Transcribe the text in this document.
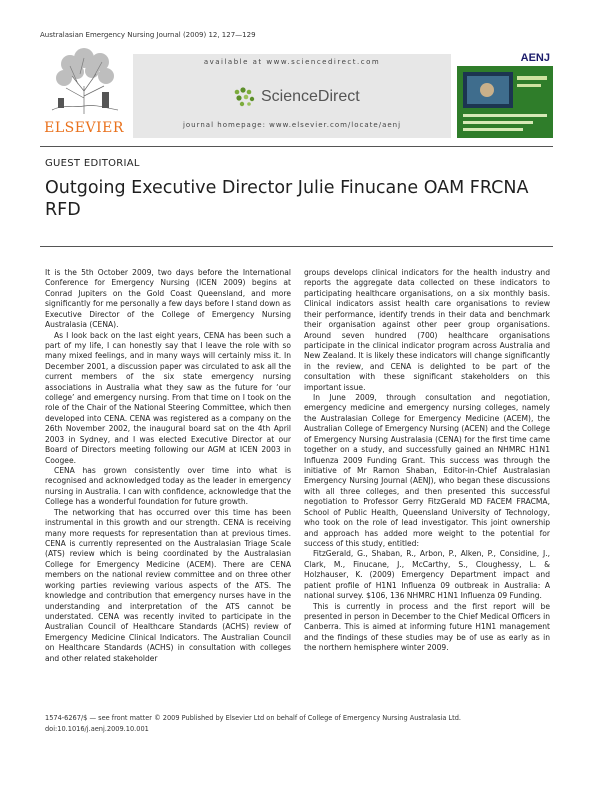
Australasian Emergency Nursing Journal (2009) 12, 127—129
ELSEVIER
available at www.sciencedirect.com
ScienceDirect
journal homepage: www.elsevier.com/locate/aenj
AENJ
GUEST EDITORIAL
Outgoing Executive Director Julie Finucane OAM FRCNA RFD

It is the 5th October 2009, two days before the International Conference for Emergency Nursing (ICEN 2009) begins at Conrad Jupiters on the Gold Coast Queensland, and more significantly for me personally a few days before I stand down as Executive Director of the College of Emergency Nursing Australasia (CENA).

As I look back on the last eight years, CENA has been such a part of my life, I can honestly say that I leave the role with so many mixed feelings, and in many ways will certainly miss it. In December 2001, a discussion paper was circulated to ask all the current members of the six state emergency nursing associations in Australia what they saw as the future for ‘our college’ and emergency nursing. From that time on I took on the role of the Chair of the National Steering Committee, which then developed into CENA. CENA was registered as a company on the 26th November 2002, the inaugural board sat on the 4th April 2003 in Sydney, and I was elected Executive Director at our Board of Directors meeting following our AGM at ICEN 2003 in Coogee.

CENA has grown consistently over time into what is recognised and acknowledged today as the leader in emergency nursing in Australia. I can with confidence, acknowledge that the College has a wonderful foundation for future growth.

The networking that has occurred over this time has been instrumental in this growth and our strength. CENA is receiving many more requests for representation than at previous times. CENA is currently represented on the Australasian Triage Scale (ATS) review which is being coordinated by the Australasian College for Emergency Medicine (ACEM). There are CENA members on the national review committee and on three other working parties reviewing various aspects of the ATS. The knowledge and contribution that emergency nurses have in the understanding and interpretation of the ATS cannot be understated. CENA was recently invited to participate in the Australian Council of Healthcare Standards (ACHS) review of Emergency Medicine Clinical Indicators. The Australian Council on Healthcare Standards (ACHS) in consultation with colleges and other related stakeholder

groups develops clinical indicators for the health industry and reports the aggregate data collected on these indicators to participating healthcare organisations, on a six monthly basis. Clinical indicators assist health care organisations to review their performance, identify trends in their data and benchmark their organisation against other peer group organisations. Around seven hundred (700) healthcare organisations participate in the clinical indicator program across Australia and New Zealand. It is likely these indicators will change significantly in the review, and CENA is delighted to be part of the consultation with these significant stakeholders on this important issue.

In June 2009, through consultation and negotiation, emergency medicine and emergency nursing colleges, namely the Australasian College for Emergency Medicine (ACEM), the Australian College of Emergency Nursing (ACEN) and the College of Emergency Nursing Australasia (CENA) for the first time came together on a study, and successfully gained an NHMRC H1N1 Influenza 2009 Funding Grant. This success was through the initiative of Mr Ramon Shaban, Editor-in-Chief Australasian Emergency Nursing Journal (AENJ), who began these discussions with all three colleges, and then presented this successful negotiation to Professor Gerry FitzGerald MD FACEM FRACMA, School of Public Health, Queensland University of Technology, who took on the role of lead investigator. This joint ownership and approach has added more weight to the potential for success of this study, entitled:

FitzGerald, G., Shaban, R., Arbon, P., Alken, P., Considine, J., Clark, M., Finucane, J., McCarthy, S., Cloughessy, L. & Holzhauser, K. (2009) Emergency Department impact and patient profile of H1N1 Influenza 09 outbreak in Australia: A national survey. $106, 136 NHMRC H1N1 Influenza 09 Funding.

This is currently in process and the first report will be presented in person in December to the Chief Medical Officers in Canberra. This is aimed at informing future H1N1 management and the findings of these studies may be of use as early as in the northern hemisphere winter 2009.

1574-6267/$ — see front matter © 2009 Published by Elsevier Ltd on behalf of College of Emergency Nursing Australasia Ltd.
doi:10.1016/j.aenj.2009.10.001
